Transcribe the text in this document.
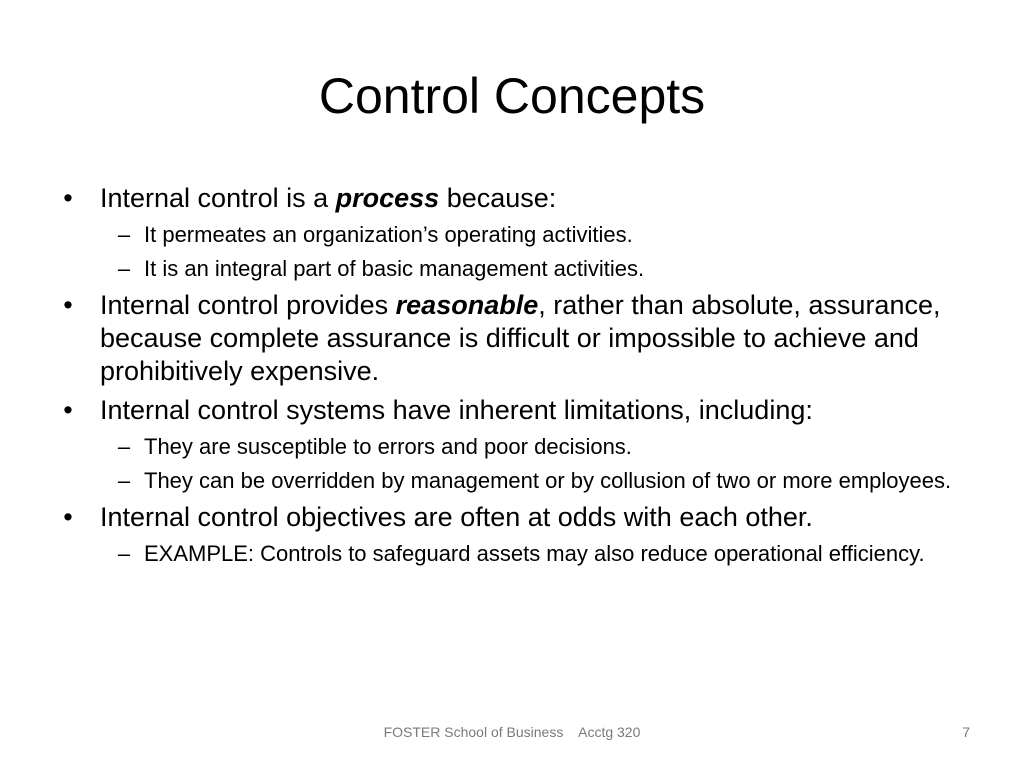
Control Concepts
• Internal control is a process because:
– It permeates an organization’s operating activities.
– It is an integral part of basic management activities.
• Internal control provides reasonable, rather than absolute, assurance, because complete assurance is difficult or impossible to achieve and prohibitively expensive.
• Internal control systems have inherent limitations, including:
– They are susceptible to errors and poor decisions.
– They can be overridden by management or by collusion of two or more employees.
• Internal control objectives are often at odds with each other.
– EXAMPLE: Controls to safeguard assets may also reduce operational efficiency.
FOSTER School of Business    Acctg 320	7
